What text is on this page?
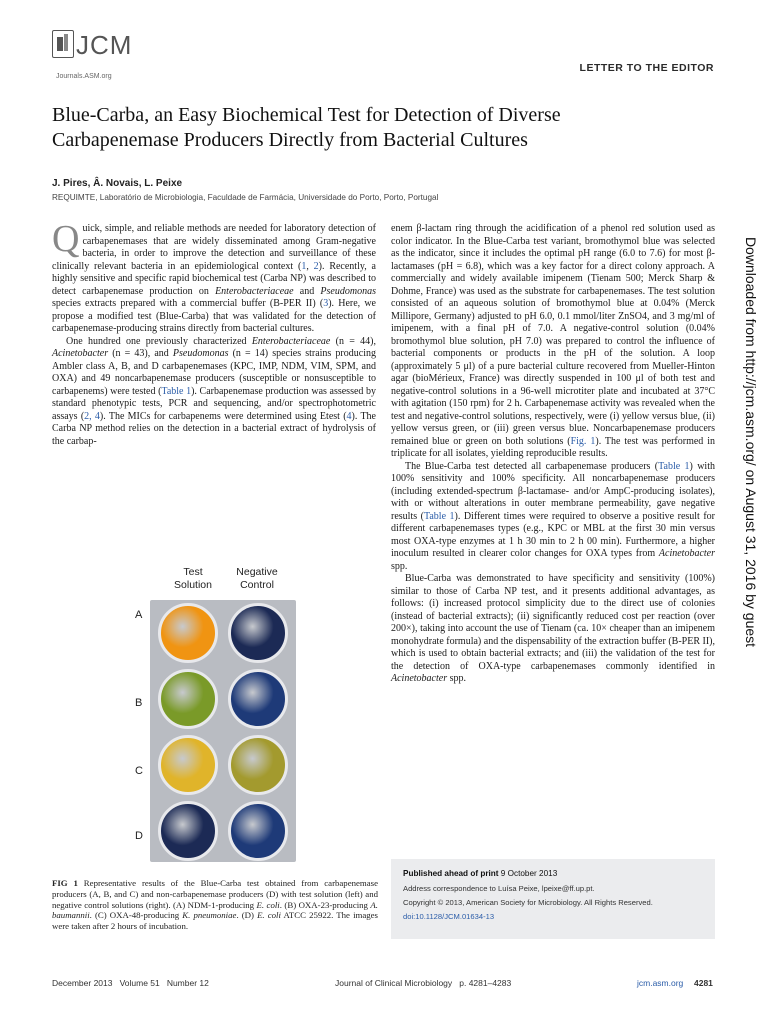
JCM
Journals.ASM.org
LETTER TO THE EDITOR
Blue-Carba, an Easy Biochemical Test for Detection of Diverse
Carbapenemase Producers Directly from Bacterial Cultures
J. Pires, Â. Novais, L. Peixe
REQUIMTE, Laboratório de Microbiologia, Faculdade de Farmácia, Universidade do Porto, Porto, Portugal

Quick, simple, and reliable methods are needed for laboratory detection of carbapenemases that are widely disseminated among Gram-negative bacteria, in order to improve the detection and surveillance of these clinically relevant bacteria in an epidemiological context (1, 2). Recently, a highly sensitive and specific rapid biochemical test (Carba NP) was described to detect carbapenemase production on Enterobacteriaceae and Pseudomonas species extracts prepared with a commercial buffer (B-PER II) (3). Here, we propose a modified test (Blue-Carba) that was validated for the detection of carbapenemase-producing strains directly from bacterial cultures.

One hundred one previously characterized Enterobacteriaceae (n = 44), Acinetobacter (n = 43), and Pseudomonas (n = 14) species strains producing Ambler class A, B, and D carbapenemases (KPC, IMP, NDM, VIM, SPM, and OXA) and 49 noncarbapenemase producers (susceptible or nonsusceptible to carbapenems) were tested (Table 1). Carbapenemase production was assessed by standard phenotypic tests, PCR and sequencing, and/or spectrophotometric assays (2, 4). The MICs for carbapenems were determined using Etest (4). The Carba NP method relies on the detection in a bacterial extract of hydrolysis of the carbap-

Test
Solution
Negative
Control
A
B
C
D
FIG 1 Representative results of the Blue-Carba test obtained from carbapenemase producers (A, B, and C) and non-carbapenemase producers (D) with test solution (left) and negative control solutions (right). (A) NDM-1-producing E. coli. (B) OXA-23-producing A. baumannii. (C) OXA-48-producing K. pneumoniae. (D) E. coli ATCC 25922. The images were taken after 2 hours of incubation.

enem β-lactam ring through the acidification of a phenol red solution used as color indicator. In the Blue-Carba test variant, bromothymol blue was selected as the indicator, since it includes the optimal pH range (6.0 to 7.6) for most β-lactamases (pH = 6.8), which was a key factor for a direct colony approach. A commercially and widely available imipenem (Tienam 500; Merck Sharp & Dohme, France) was used as the substrate for carbapenemases. The test solution consisted of an aqueous solution of bromothymol blue at 0.04% (Merck Millipore, Germany) adjusted to pH 6.0, 0.1 mmol/liter ZnSO4, and 3 mg/ml of imipenem, with a final pH of 7.0. A negative-control solution (0.04% bromothymol blue solution, pH 7.0) was prepared to control the influence of bacterial components or products in the pH of the solution. A loop (approximately 5 μl) of a pure bacterial culture recovered from Mueller-Hinton agar (bioMérieux, France) was directly suspended in 100 μl of both test and negative-control solutions in a 96-well microtiter plate and incubated at 37°C with agitation (150 rpm) for 2 h. Carbapenemase activity was revealed when the test and negative-control solutions, respectively, were (i) yellow versus blue, (ii) yellow versus green, or (iii) green versus blue. Noncarbapenemase producers remained blue or green on both solutions (Fig. 1). The test was performed in triplicate for all isolates, yielding reproducible results.

The Blue-Carba test detected all carbapenemase producers (Table 1) with 100% sensitivity and 100% specificity. All noncarbapenemase producers (including extended-spectrum β-lactamase- and/or AmpC-producing isolates), with or without alterations in outer membrane permeability, gave negative results (Table 1). Different times were required to observe a positive result for different carbapenemases types (e.g., KPC or MBL at the first 30 min versus most OXA-type enzymes at 1 h 30 min to 2 h 00 min). Furthermore, a higher inoculum resulted in clearer color changes for OXA types from Acinetobacter spp.

Blue-Carba was demonstrated to have specificity and sensitivity (100%) similar to those of Carba NP test, and it presents additional advantages, as follows: (i) increased protocol simplicity due to the direct use of colonies (instead of bacterial extracts); (ii) significantly reduced cost per reaction (over 200×), taking into account the use of Tienam (ca. 10× cheaper than an imipenem monohydrate formula) and the dispensability of the extraction buffer (B-PER II), which is used to obtain bacterial extracts; and (iii) the validation of the test for the detection of OXA-type carbapenemases commonly identified in Acinetobacter spp.

Published ahead of print 9 October 2013
Address correspondence to Luísa Peixe, lpeixe@ff.up.pt.
Copyright © 2013, American Society for Microbiology. All Rights Reserved.
doi:10.1128/JCM.01634-13
December 2013   Volume 51   Number 12	Journal of Clinical Microbiology   p. 4281–4283	jcm.asm.org 4281
Downloaded from http://jcm.asm.org/ on August 31, 2016 by guest
